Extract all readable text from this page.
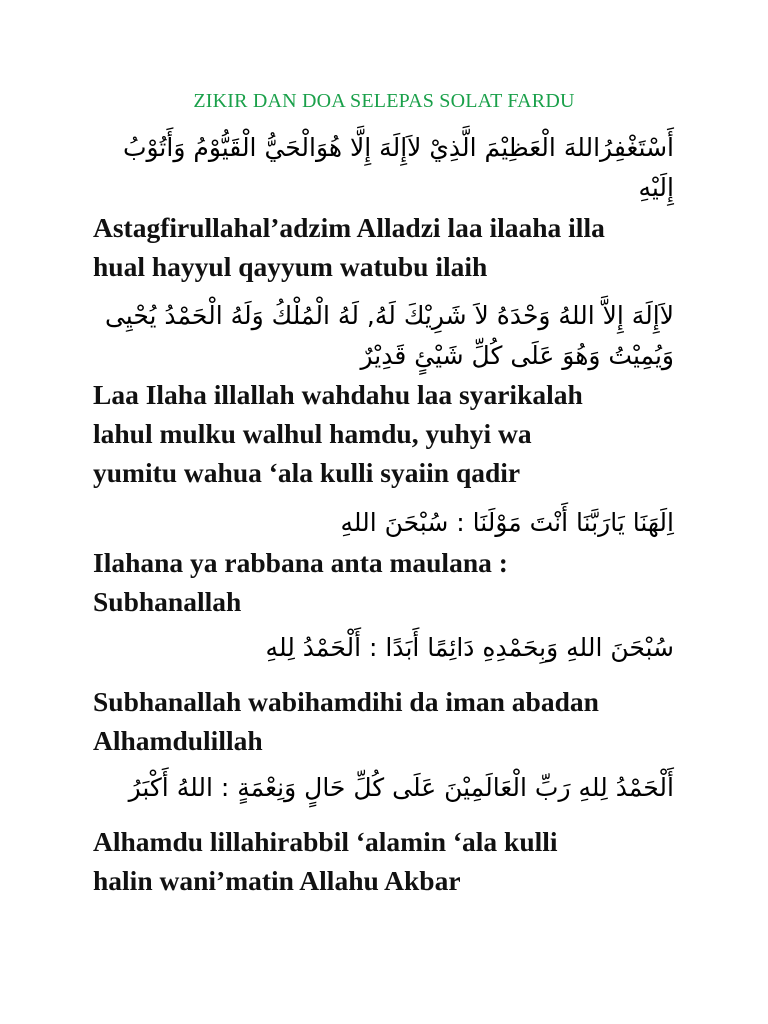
ZIKIR DAN DOA SELEPAS SOLAT FARDU
أَسْتَغْفِرُاللهَ الْعَظِيْمَ الَّذِيْ لاَإِلَهَ إِلَّا هُوَالْحَيُّ الْقَيُّوْمُ وَأَتُوْبُ إِلَيْهِ
Astagfirullahal’adzim Alladzi laa ilaaha illa
hual hayyul qayyum watubu ilaih
لاَإِلَهَ إِلاَّ اللهُ وَحْدَهُ لاَ شَرِيْكَ لَهُ, لَهُ الْمُلْكُ وَلَهُ الْحَمْدُ يُحْيِى وَيُمِيْتُ وَهُوَ عَلَى كُلِّ شَيْئٍ قَدِيْرٌ
Laa Ilaha illallah wahdahu laa syarikalah
lahul mulku walhul hamdu, yuhyi wa
yumitu wahua ‘ala kulli syaiin qadir
اِلَهَنَا يَارَبَّنَا أَنْتَ مَوْلَنَا : سُبْحَنَ اللهِ
Ilahana ya rabbana anta maulana :
Subhanallah
سُبْحَنَ اللهِ وَبِحَمْدِهِ دَائِمًا أَبَدًا : أَلْحَمْدُ لِلهِ
Subhanallah wabihamdihi da iman abadan
Alhamdulillah
أَلْحَمْدُ لِلهِ رَبِّ الْعَالَمِيْنَ عَلَى كُلِّ حَالٍ وَنِعْمَةٍ : اللهُ أَكْبَرُ
Alhamdu lillahirabbil ‘alamin ‘ala kulli
halin wani’matin Allahu Akbar
